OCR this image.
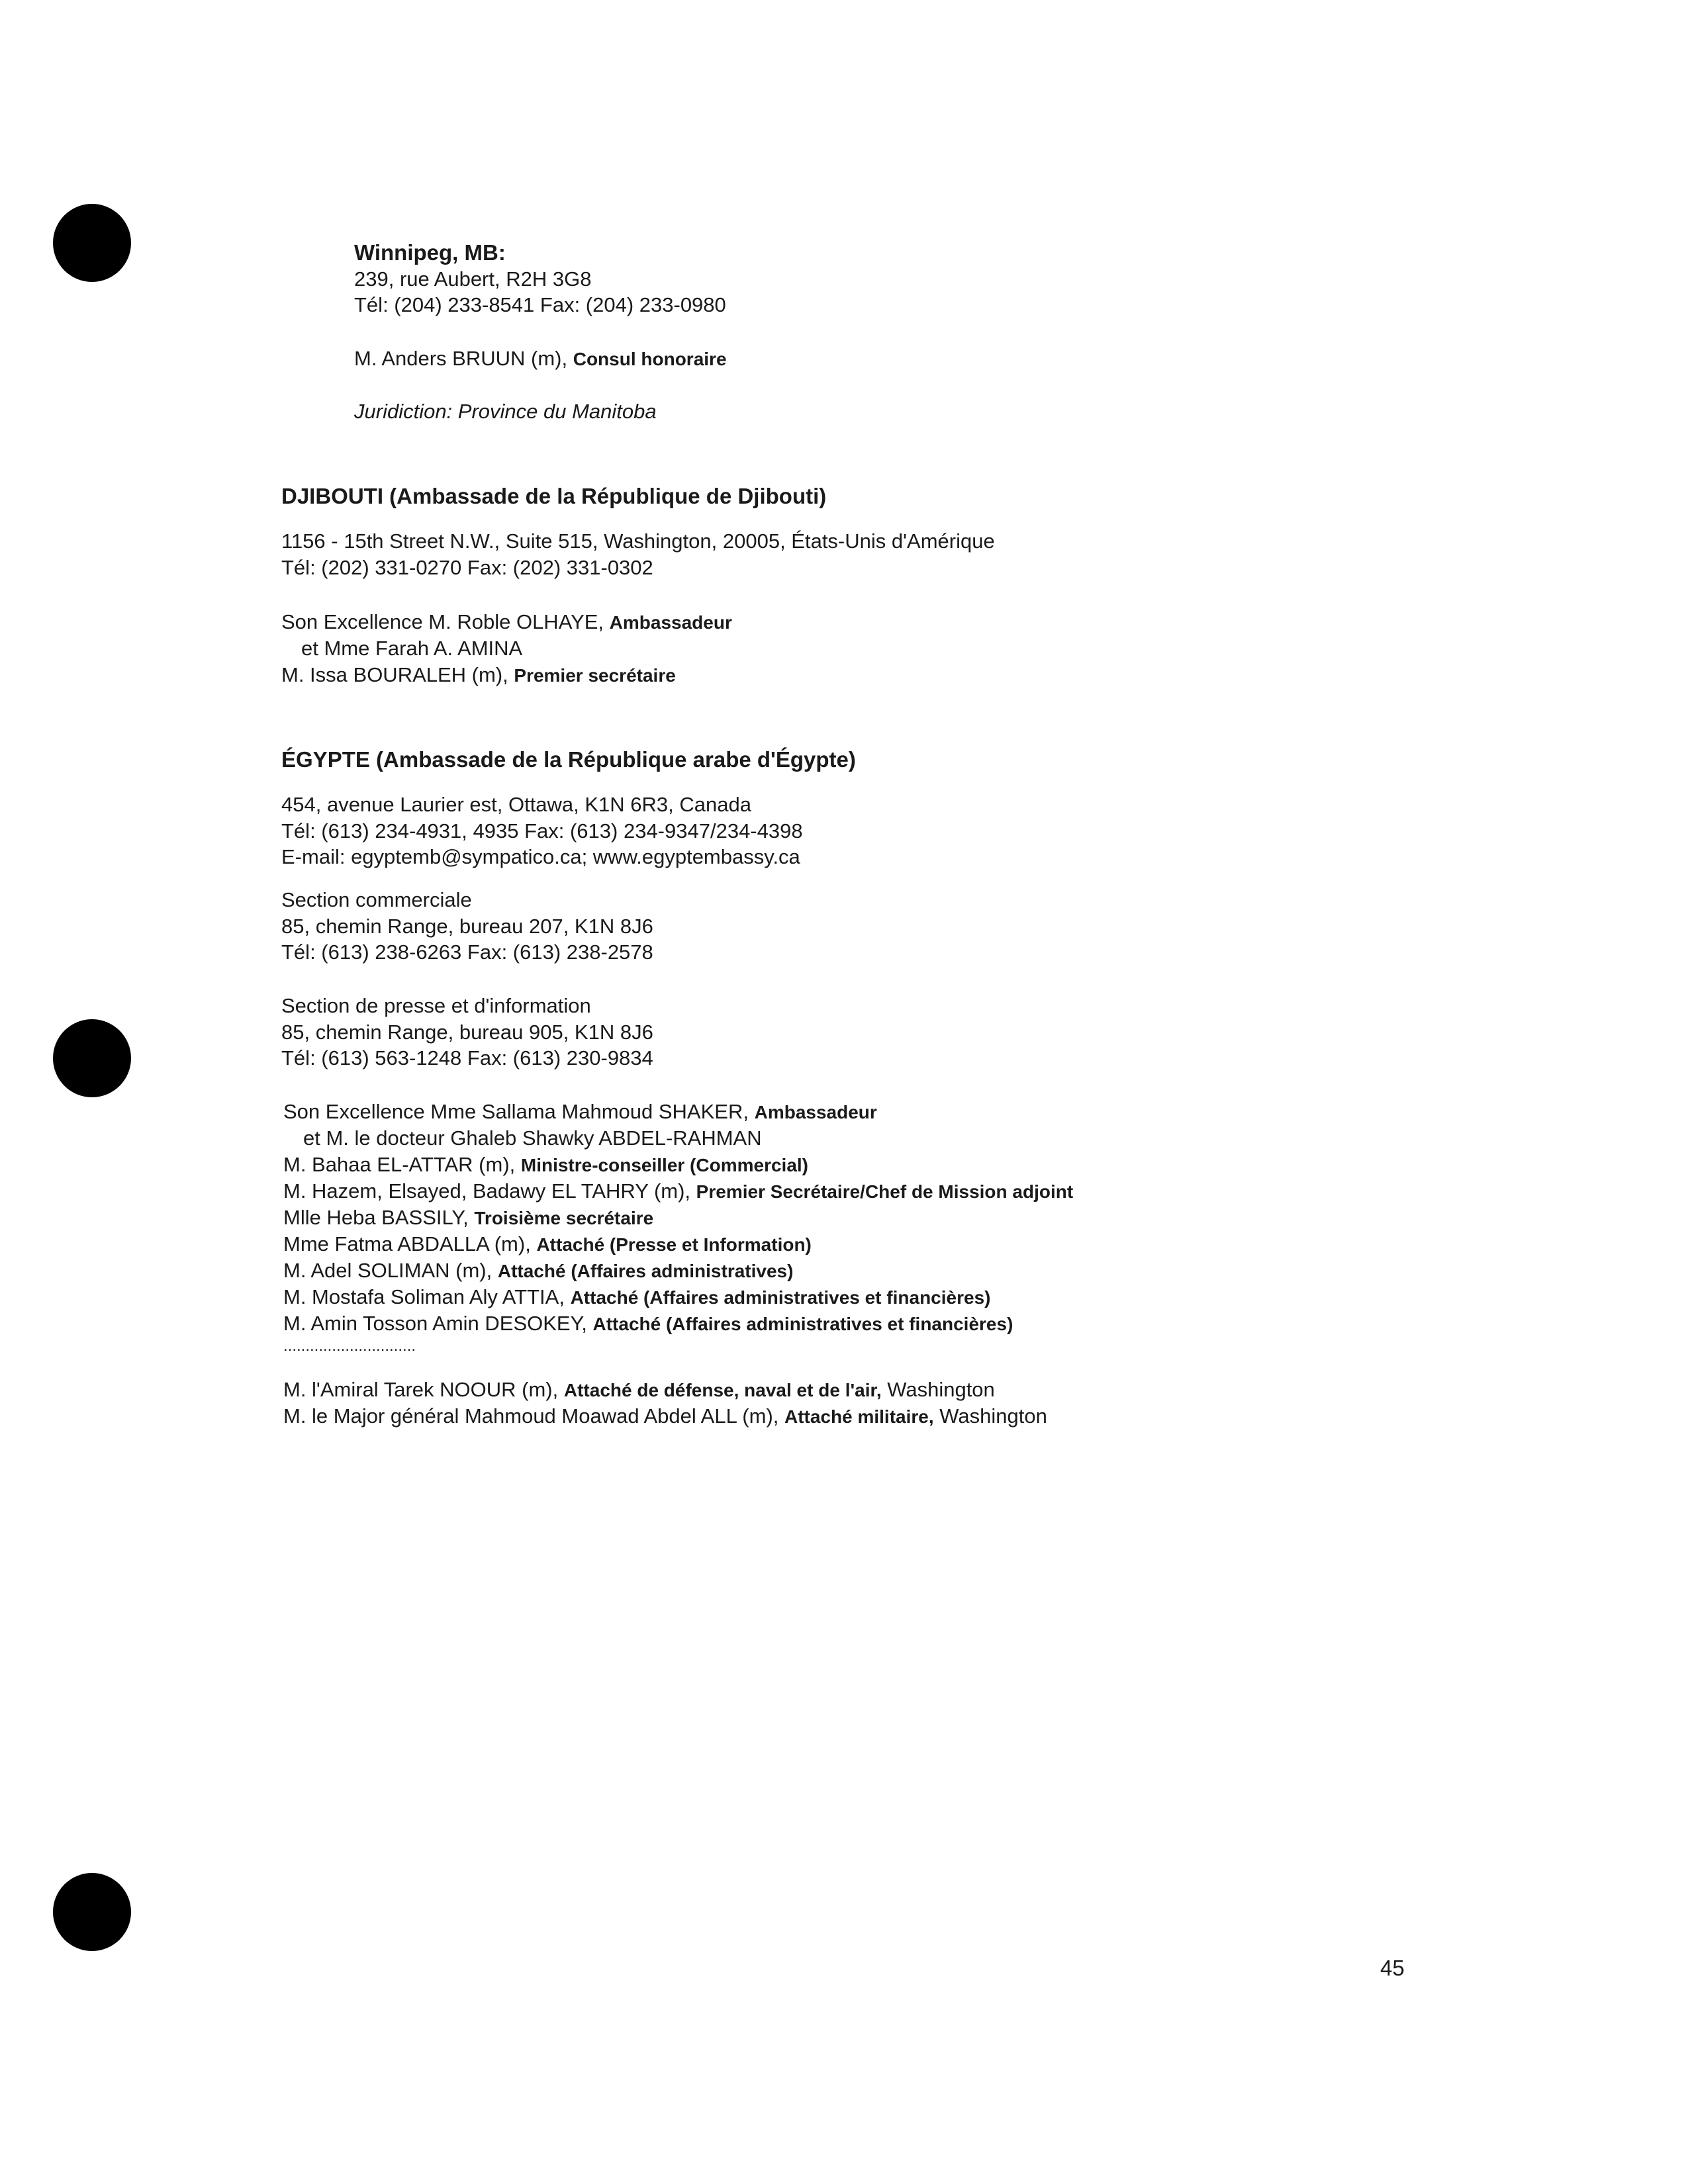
Winnipeg, MB:
239, rue Aubert, R2H 3G8
Tél: (204) 233-8541 Fax: (204) 233-0980
M. Anders BRUUN (m), Consul honoraire
Juridiction: Province du Manitoba
DJIBOUTI (Ambassade de la République de Djibouti)
1156 - 15th Street N.W., Suite 515, Washington, 20005, États-Unis d'Amérique
Tél: (202) 331-0270 Fax: (202) 331-0302
Son Excellence M. Roble OLHAYE, Ambassadeur
et Mme Farah A. AMINA
M. Issa BOURALEH (m), Premier secrétaire
ÉGYPTE (Ambassade de la République arabe d'Égypte)
454, avenue Laurier est, Ottawa, K1N 6R3, Canada
Tél: (613) 234-4931, 4935 Fax: (613) 234-9347/234-4398
E-mail: egyptemb@sympatico.ca; www.egyptembassy.ca
Section commerciale
85, chemin Range, bureau 207, K1N 8J6
Tél: (613) 238-6263 Fax: (613) 238-2578
Section de presse et d'information
85, chemin Range, bureau 905, K1N 8J6
Tél: (613) 563-1248 Fax: (613) 230-9834
Son Excellence Mme Sallama Mahmoud SHAKER, Ambassadeur
et M. le docteur Ghaleb Shawky ABDEL-RAHMAN
M. Bahaa EL-ATTAR (m), Ministre-conseiller (Commercial)
M. Hazem, Elsayed, Badawy EL TAHRY (m), Premier Secrétaire/Chef de Mission adjoint
Mlle Heba BASSILY, Troisième secrétaire
Mme Fatma ABDALLA (m), Attaché (Presse et Information)
M. Adel SOLIMAN (m), Attaché (Affaires administratives)
M. Mostafa Soliman Aly ATTIA, Attaché (Affaires administratives et financières)
M. Amin Tosson Amin DESOKEY, Attaché (Affaires administratives et financières)
..............................
M. l'Amiral Tarek NOOUR (m), Attaché de défense, naval et de l'air, Washington
M. le Major général Mahmoud Moawad Abdel ALL (m), Attaché militaire, Washington
45
